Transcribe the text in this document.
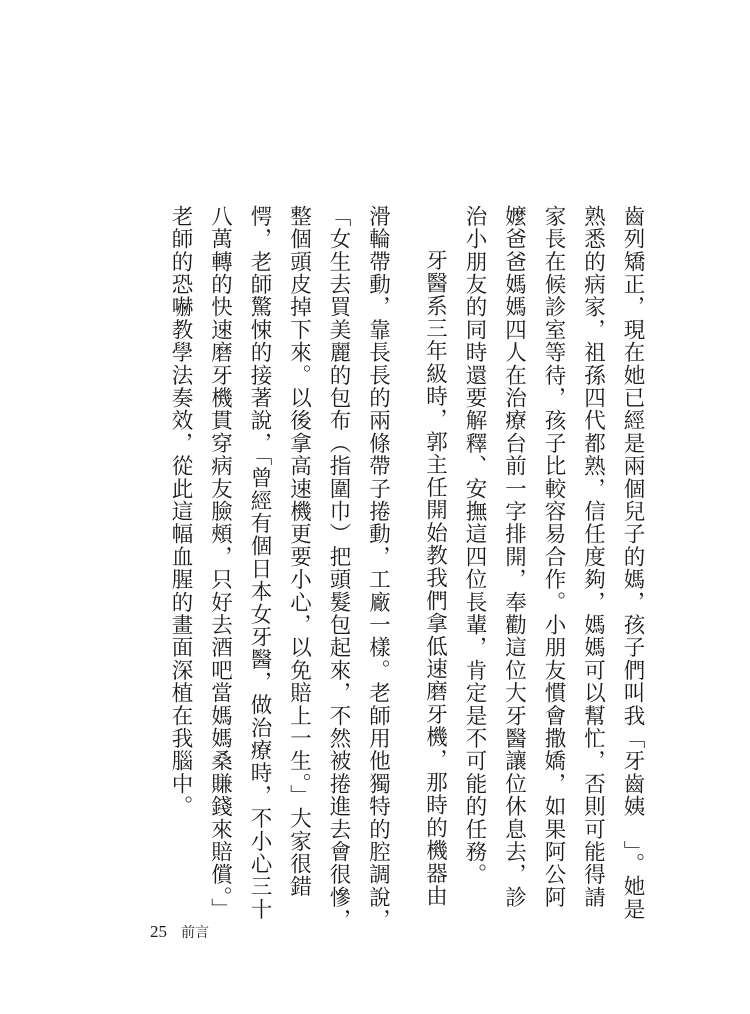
齒列矯正，現在她已經是兩個兒子的媽，孩子們叫我「牙齒姨　」。她是
熟悉的病家，祖孫四代都熟，信任度夠，媽媽可以幫忙，否則可能得請
家長在候診室等待，孩子比較容易合作。小朋友慣會撒嬌，如果阿公阿
嬤爸爸媽媽四人在治療台前一字排開，奉勸這位大牙醫讓位休息去，診
治小朋友的同時還要解釋、安撫這四位長輩，肯定是不可能的任務。
牙醫系三年級時，郭主任開始教我們拿低速磨牙機，那時的機器由
滑輪帶動，靠長長的兩條帶子捲動，工廠一樣。老師用他獨特的腔調說，
「女生去買美麗的包布（指圍巾）把頭髮包起來，不然被捲進去會很慘，
整個頭皮掉下來。以後拿高速機更要小心，以免賠上一生。」大家很錯
愕，老師驚悚的接著說，「曾經有個日本女牙醫，做治療時，不小心三十
八萬轉的快速磨牙機貫穿病友臉頰，只好去酒吧當媽媽桑賺錢來賠償。」
老師的恐嚇教學法奏效，從此這幅血腥的畫面深植在我腦中。
25 前言
